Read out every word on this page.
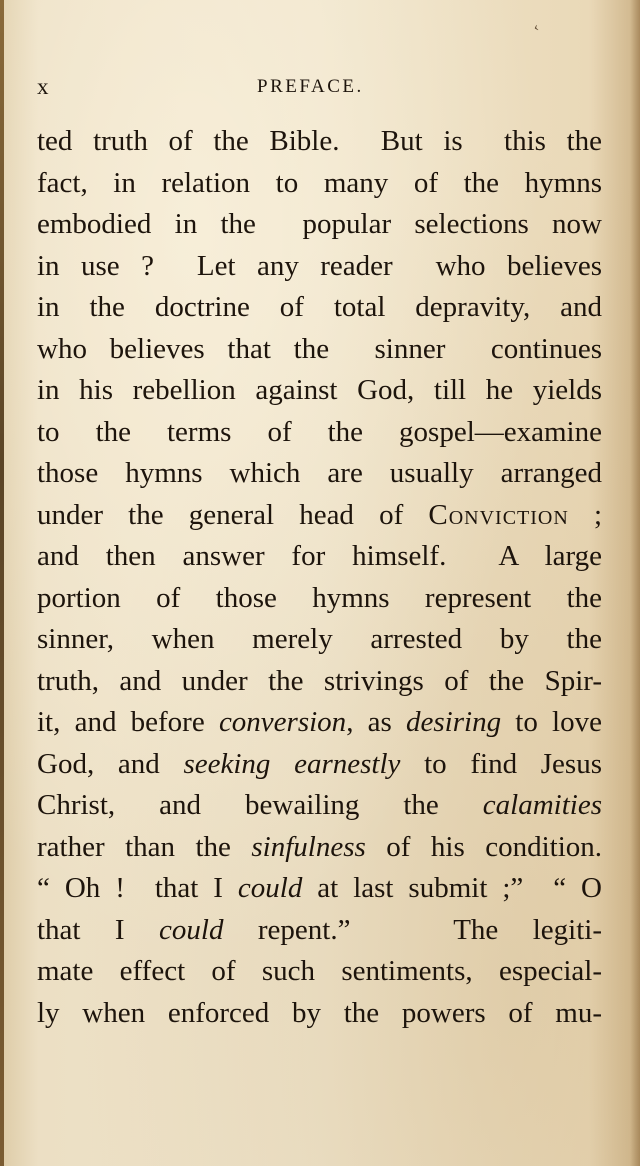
‹
x	PREFACE.
ted truth of the Bible.  But is  this the
fact, in relation to many of the hymns
embodied in the  popular selections now
in use ?  Let any reader  who believes
in the doctrine of total depravity, and
who believes that the  sinner  continues
in his rebellion against God, till he yields
to the terms of the gospel—examine
those hymns which are usually arranged
under the general head of Conviction ;
and then answer for himself.  A large
portion of those hymns represent the
sinner, when merely arrested by the
truth, and under the strivings of the Spir-
it, and before conversion, as desiring to love
God, and seeking earnestly to find Jesus
Christ, and bewailing the calamities
rather than the sinfulness of his condition.
“ Oh !  that I could at last submit ;”  “ O
that I could repent.”   The legiti-
mate effect of such sentiments, especial-
ly when enforced by the powers of mu-
